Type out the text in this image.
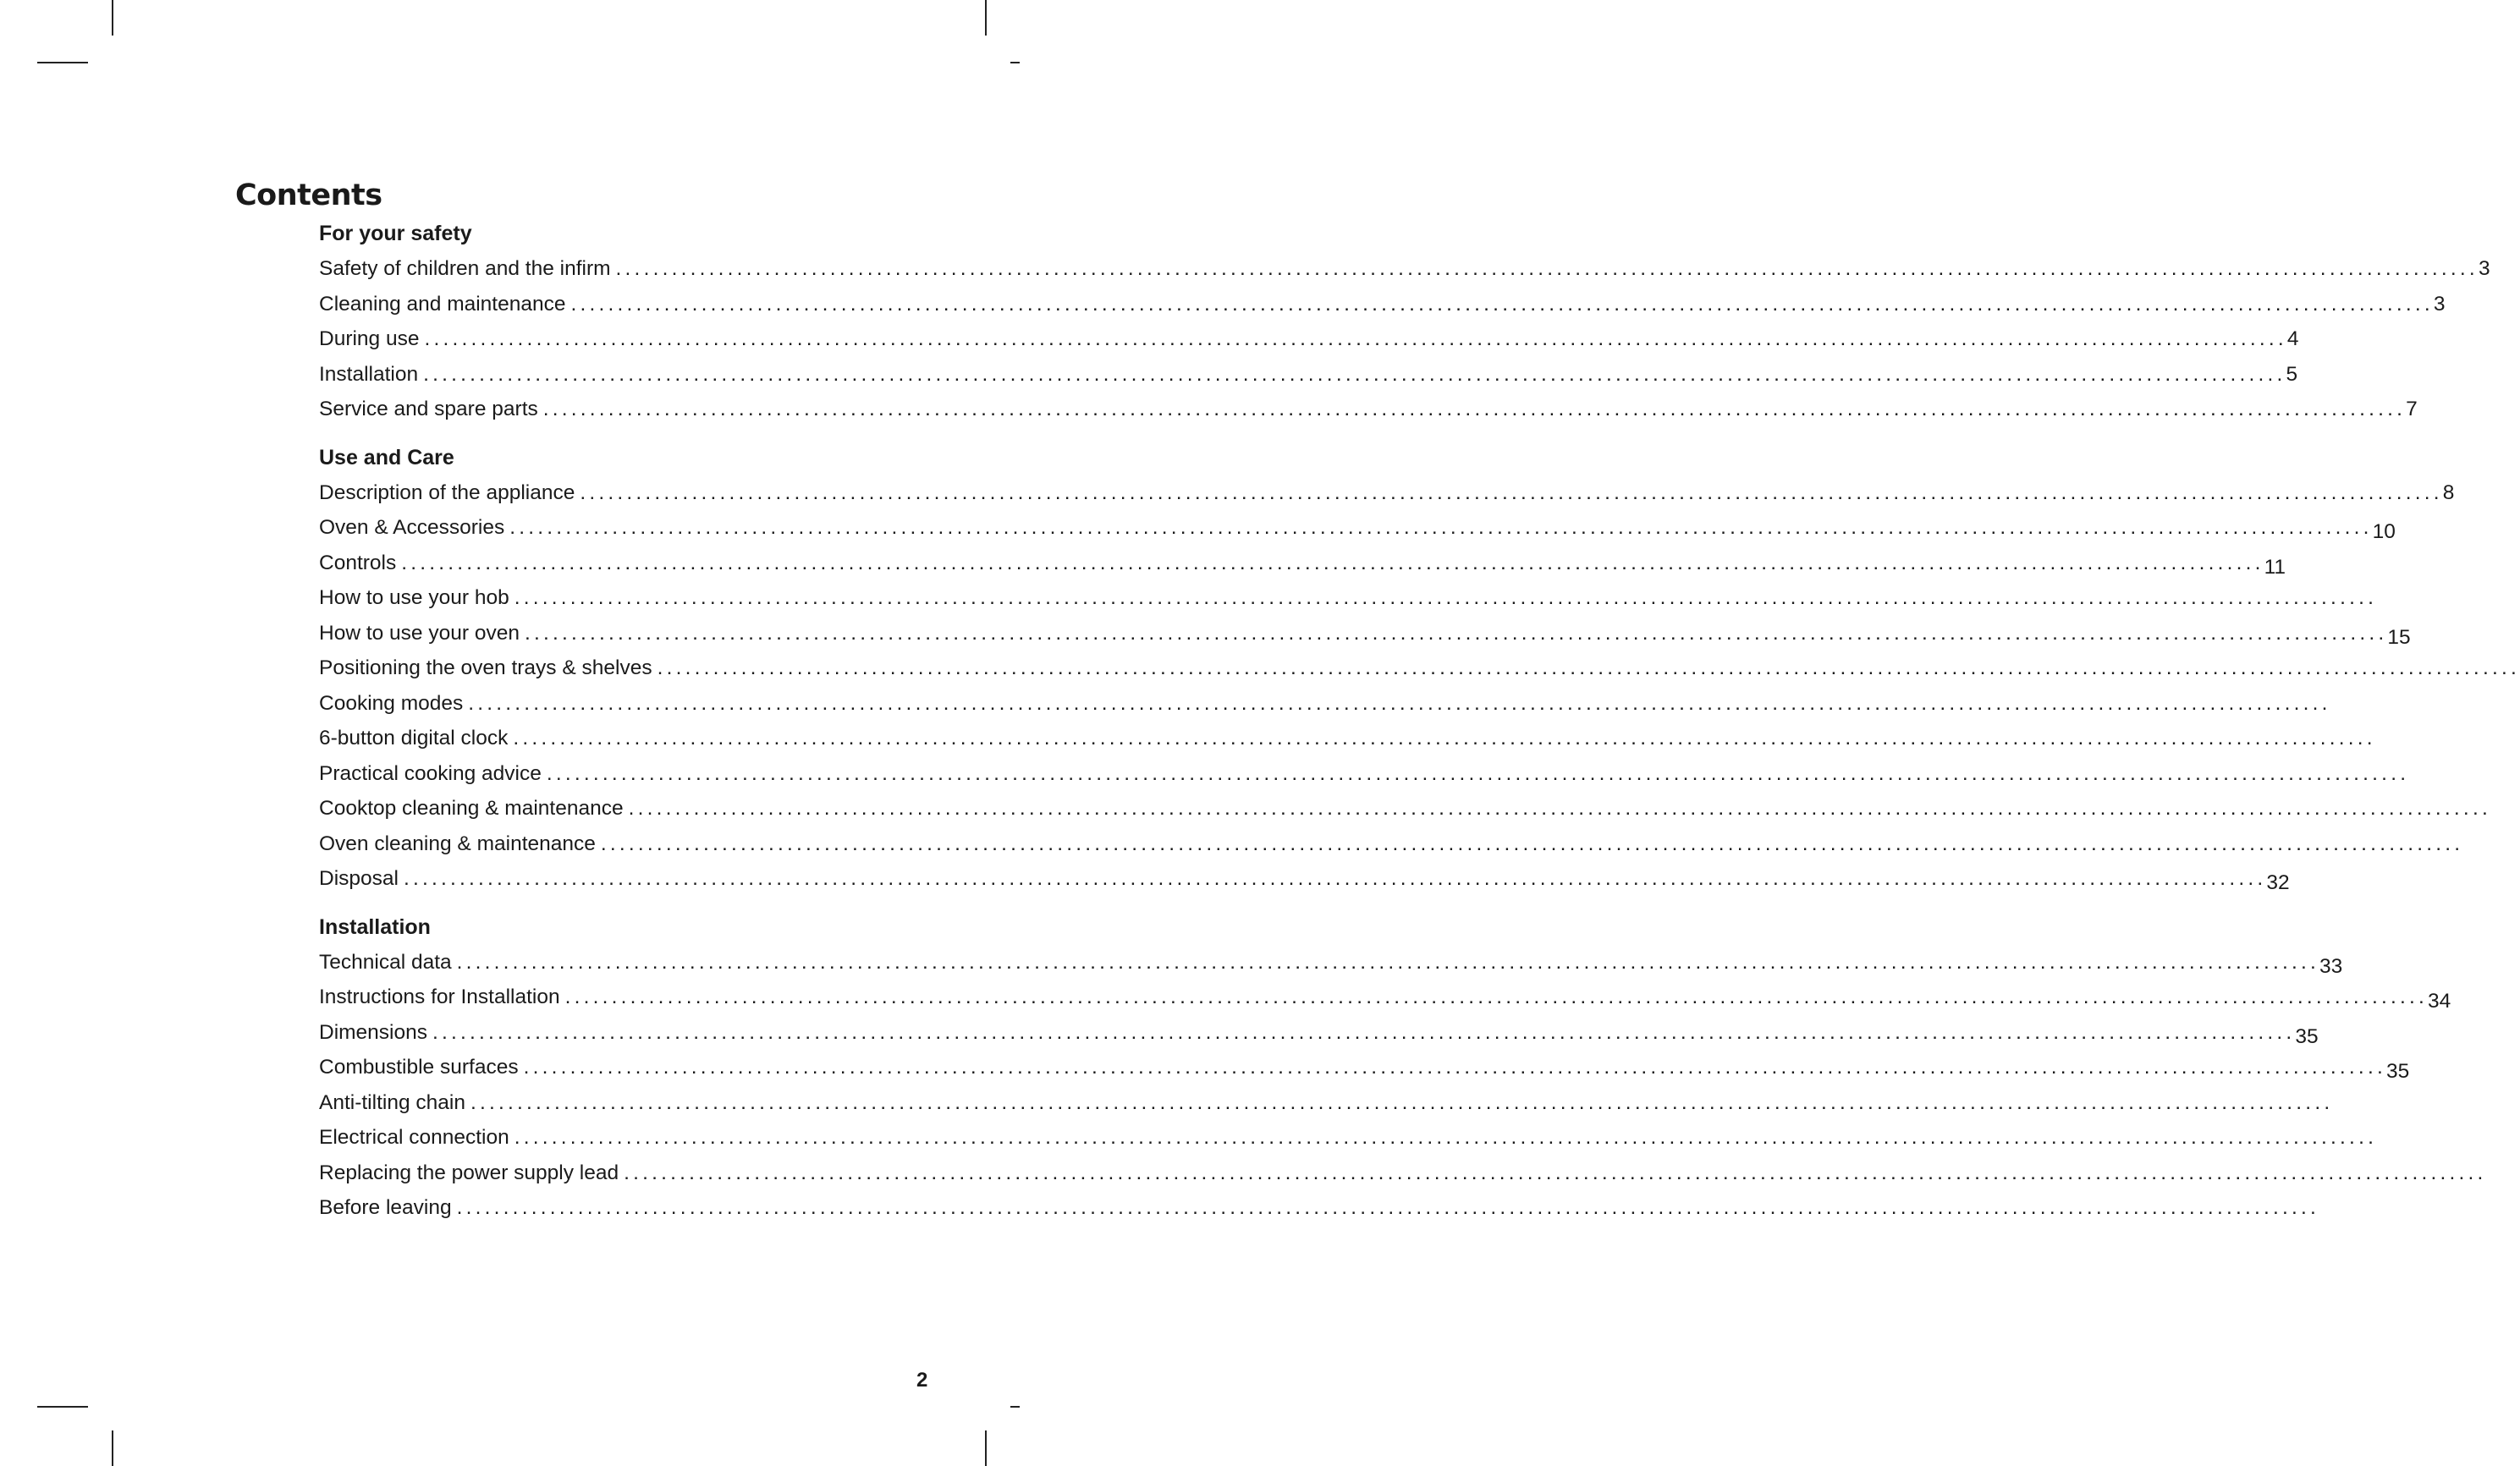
Contents
For your safety
Safety of children and the infirm ........................................................................................................................................................................................................ 3
Cleaning and maintenance ........................................................................................................................................................................................................ 3
During use ........................................................................................................................................................................................................ 4
Installation ........................................................................................................................................................................................................ 5
Service and spare parts ........................................................................................................................................................................................................ 7
Use and Care
Description of the appliance ........................................................................................................................................................................................................ 8
Oven & Accessories ........................................................................................................................................................................................................ 10
Controls ........................................................................................................................................................................................................ 11
How to use your hob ........................................................................................................................................................................................................
How to use your oven ........................................................................................................................................................................................................ 15
Positioning the oven trays & shelves ........................................................................................................................................................................................................
Cooking modes ........................................................................................................................................................................................................
6-button digital clock ........................................................................................................................................................................................................
Practical cooking advice ........................................................................................................................................................................................................
Cooktop cleaning & maintenance ........................................................................................................................................................................................................
Oven cleaning & maintenance ........................................................................................................................................................................................................
Disposal ........................................................................................................................................................................................................ 32
Installation
Technical data ........................................................................................................................................................................................................ 33
Instructions for Installation ........................................................................................................................................................................................................ 34
Dimensions ........................................................................................................................................................................................................ 35
Combustible surfaces ........................................................................................................................................................................................................ 35
Anti-tilting chain ........................................................................................................................................................................................................
Electrical connection ........................................................................................................................................................................................................
Replacing the power supply lead ........................................................................................................................................................................................................
Before leaving ........................................................................................................................................................................................................
2
